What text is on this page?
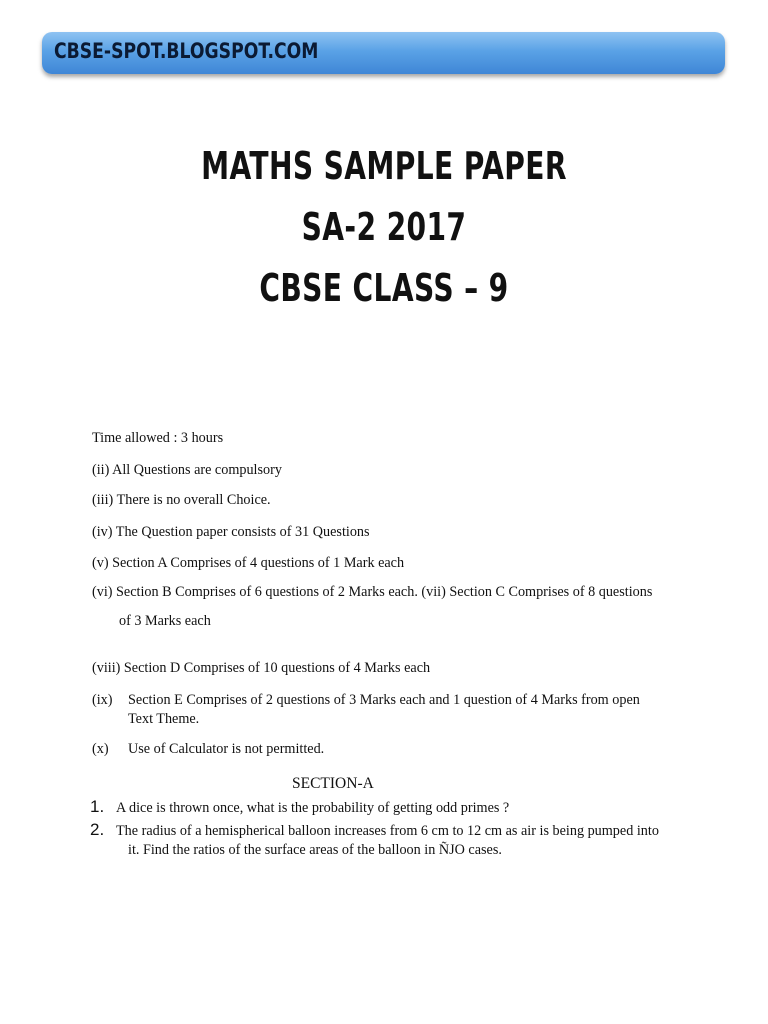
CBSE-SPOT.BLOGSPOT.COM
MATHS SAMPLE PAPER
SA-2 2017
CBSE CLASS – 9
Time allowed : 3 hours
(ii) All Questions are compulsory
(iii) There is no overall Choice.
(iv) The Question paper consists of 31 Questions
(v) Section A Comprises of 4 questions of 1 Mark each
(vi) Section B Comprises of 6 questions of 2 Marks each. (vii) Section C Comprises of 8 questions
of 3 Marks each
(viii) Section D Comprises of 10 questions of 4 Marks each
(ix) Section E Comprises of 2 questions of 3 Marks each and 1 question of 4 Marks from open
Text Theme.
(x) Use of Calculator is not permitted.
SECTION-A
1. A dice is thrown once, what is the probability of getting odd primes ?
2. The radius of a hemispherical balloon increases from 6 cm to 12 cm as air is being pumped into
it. Find the ratios of the surface areas of the balloon in ÑJO cases.
